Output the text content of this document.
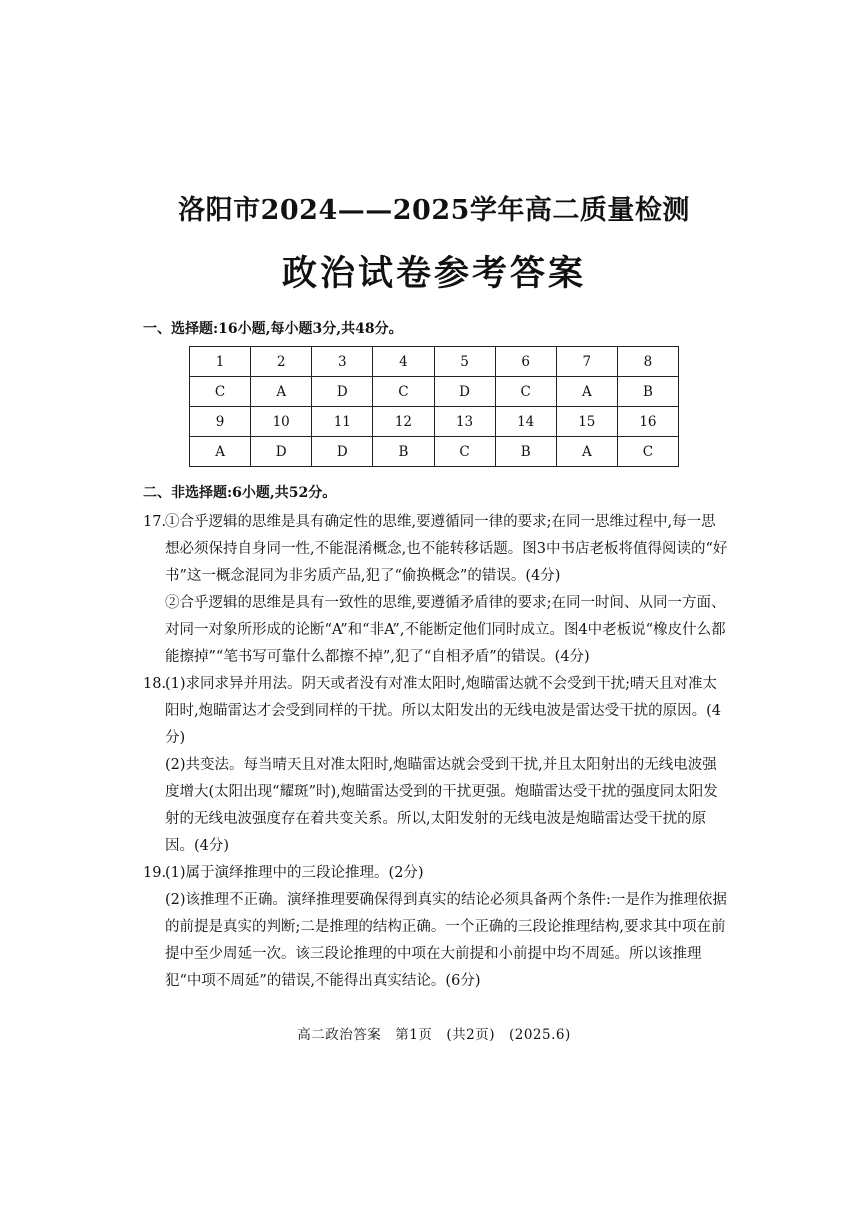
洛阳市2024——2025学年高二质量检测
政治试卷参考答案
一、选择题:16小题,每小题3分,共48分。
1	2	3	4	5	6	7	8
C	A	D	C	D	C	A	B
9	10	11	12	13	14	15	16
A	D	D	B	C	B	A	C
二、非选择题:6小题,共52分。
17.
①合乎逻辑的思维是具有确定性的思维,要遵循同一律的要求;在同一思维过程中,每一思想必须保持自身同一性,不能混淆概念,也不能转移话题。图3中书店老板将值得阅读的“好书”这一概念混同为非劣质产品,犯了“偷换概念”的错误。(4分)
②合乎逻辑的思维是具有一致性的思维,要遵循矛盾律的要求;在同一时间、从同一方面、对同一对象所形成的论断“A”和“非A”,不能断定他们同时成立。图4中老板说“橡皮什么都能擦掉”“笔书写可靠什么都擦不掉”,犯了“自相矛盾”的错误。(4分)
18.
(1)求同求异并用法。阴天或者没有对准太阳时,炮瞄雷达就不会受到干扰;晴天且对准太阳时,炮瞄雷达才会受到同样的干扰。所以太阳发出的无线电波是雷达受干扰的原因。(4分)
(2)共变法。每当晴天且对准太阳时,炮瞄雷达就会受到干扰,并且太阳射出的无线电波强度增大(太阳出现“耀斑”时),炮瞄雷达受到的干扰更强。炮瞄雷达受干扰的强度同太阳发射的无线电波强度存在着共变关系。所以,太阳发射的无线电波是炮瞄雷达受干扰的原因。(4分)
19.
(1)属于演绎推理中的三段论推理。(2分)
(2)该推理不正确。演绎推理要确保得到真实的结论必须具备两个条件:一是作为推理依据的前提是真实的判断;二是推理的结构正确。一个正确的三段论推理结构,要求其中项在前提中至少周延一次。该三段论推理的中项在大前提和小前提中均不周延。所以该推理犯“中项不周延”的错误,不能得出真实结论。(6分)
高二政治答案　第1页　(共2页)　(2025.6)
